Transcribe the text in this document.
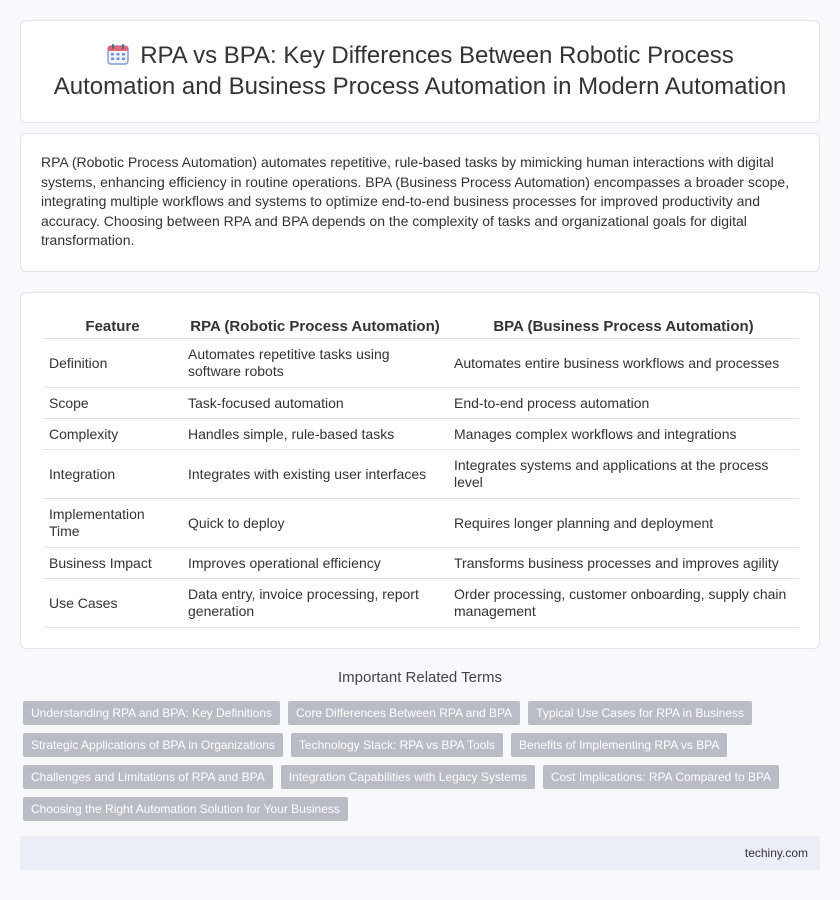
RPA vs BPA: Key Differences Between Robotic Process Automation and Business Process Automation in Modern Automation

RPA (Robotic Process Automation) automates repetitive, rule-based tasks by mimicking human interactions with digital systems, enhancing efficiency in routine operations. BPA (Business Process Automation) encompasses a broader scope, integrating multiple workflows and systems to optimize end-to-end business processes for improved productivity and accuracy. Choosing between RPA and BPA depends on the complexity of tasks and organizational goals for digital transformation.

Feature	RPA (Robotic Process Automation)	BPA (Business Process Automation)
Definition	Automates repetitive tasks using software robots	Automates entire business workflows and processes
Scope	Task-focused automation	End-to-end process automation
Complexity	Handles simple, rule-based tasks	Manages complex workflows and integrations
Integration	Integrates with existing user interfaces	Integrates systems and applications at the process level
Implementation Time	Quick to deploy	Requires longer planning and deployment
Business Impact	Improves operational efficiency	Transforms business processes and improves agility
Use Cases	Data entry, invoice processing, report generation	Order processing, customer onboarding, supply chain management
Important Related Terms
Understanding RPA and BPA: Key Definitions	Core Differences Between RPA and BPA	Typical Use Cases for RPA in Business
Strategic Applications of BPA in Organizations	Technology Stack: RPA vs BPA Tools	Benefits of Implementing RPA vs BPA
Challenges and Limitations of RPA and BPA	Integration Capabilities with Legacy Systems	Cost Implications: RPA Compared to BPA
Choosing the Right Automation Solution for Your Business
techiny.com
